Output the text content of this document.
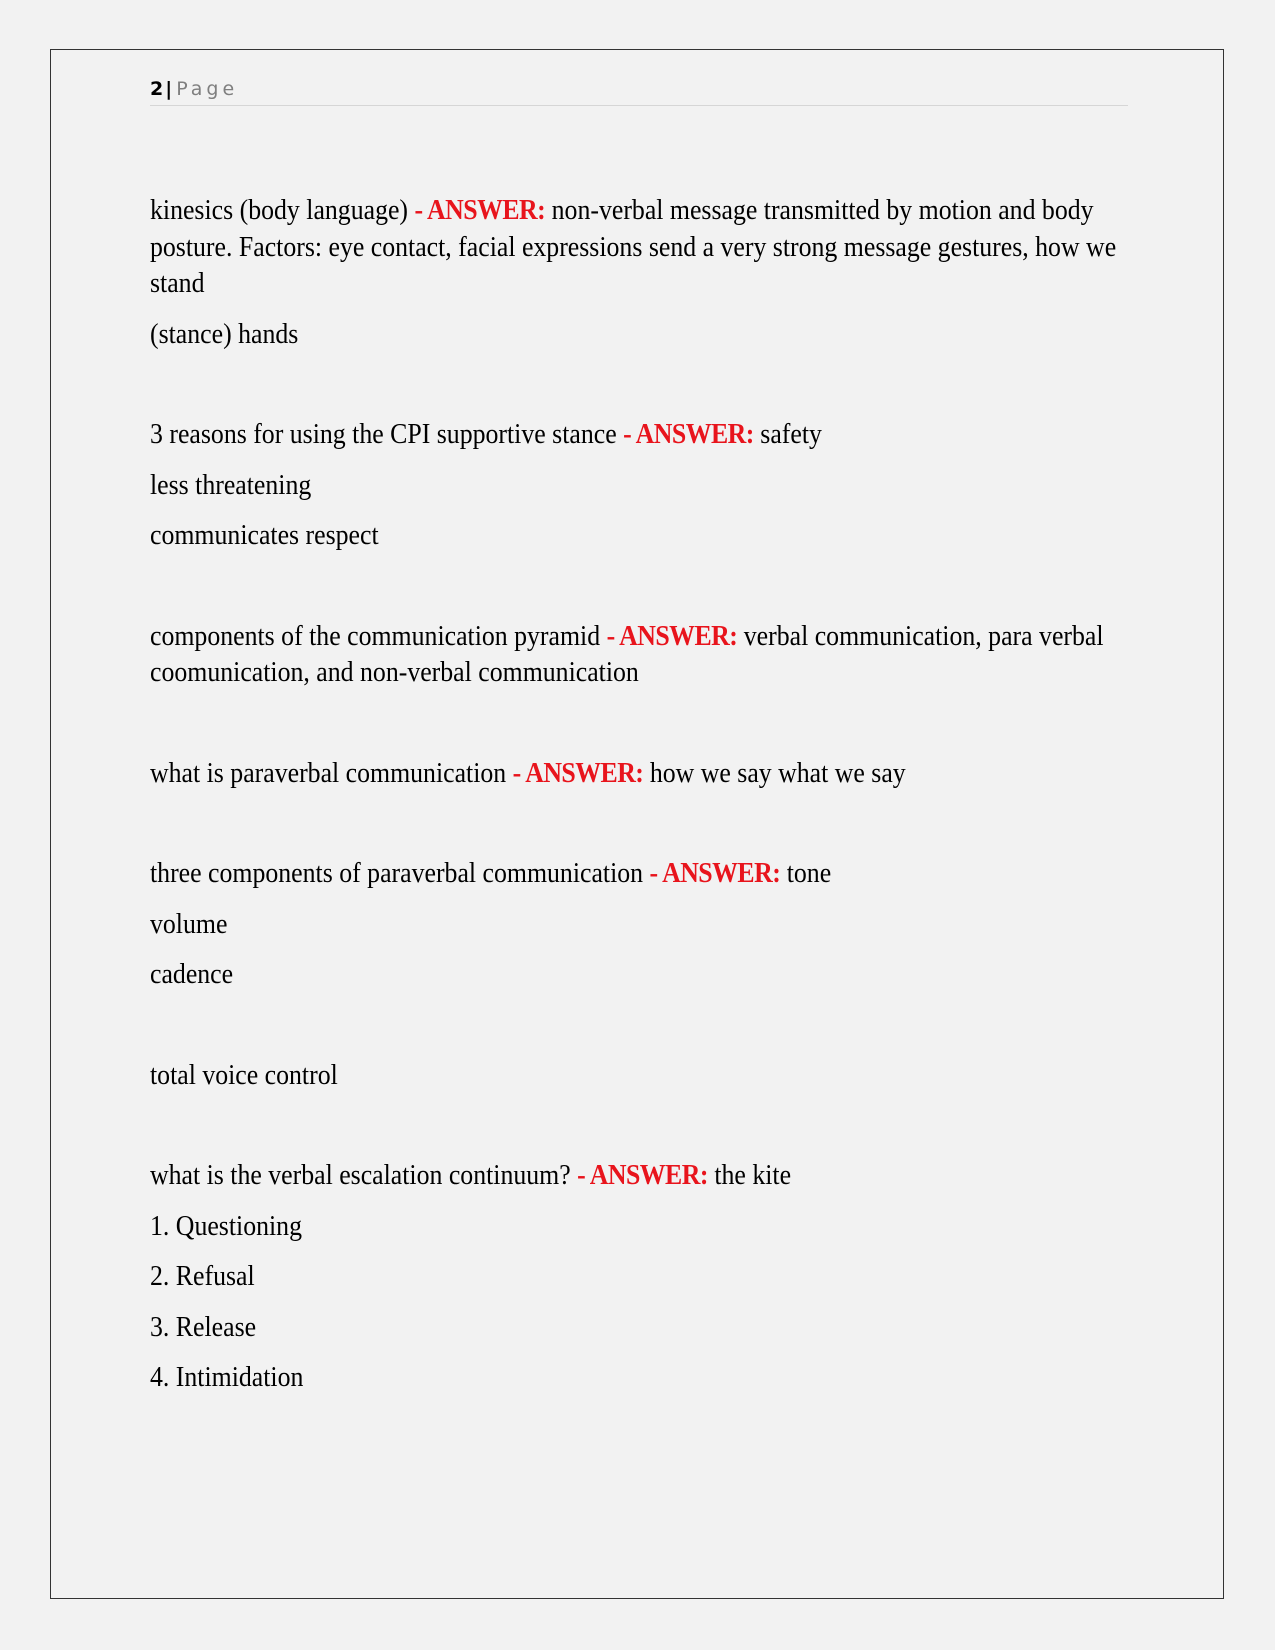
2 | Page

kinesics (body language) - ANSWER: non-verbal message transmitted by motion and body posture. Factors: eye contact, facial expressions send a very strong message gestures, how we stand

(stance) hands

3 reasons for using the CPI supportive stance - ANSWER: safety

less threatening

communicates respect

components of the communication pyramid - ANSWER: verbal communication, para verbal coomunication, and non-verbal communication

what is paraverbal communication - ANSWER: how we say what we say

three components of paraverbal communication - ANSWER: tone

volume

cadence

total voice control

what is the verbal escalation continuum? - ANSWER: the kite

1. Questioning

2. Refusal

3. Release

4. Intimidation
